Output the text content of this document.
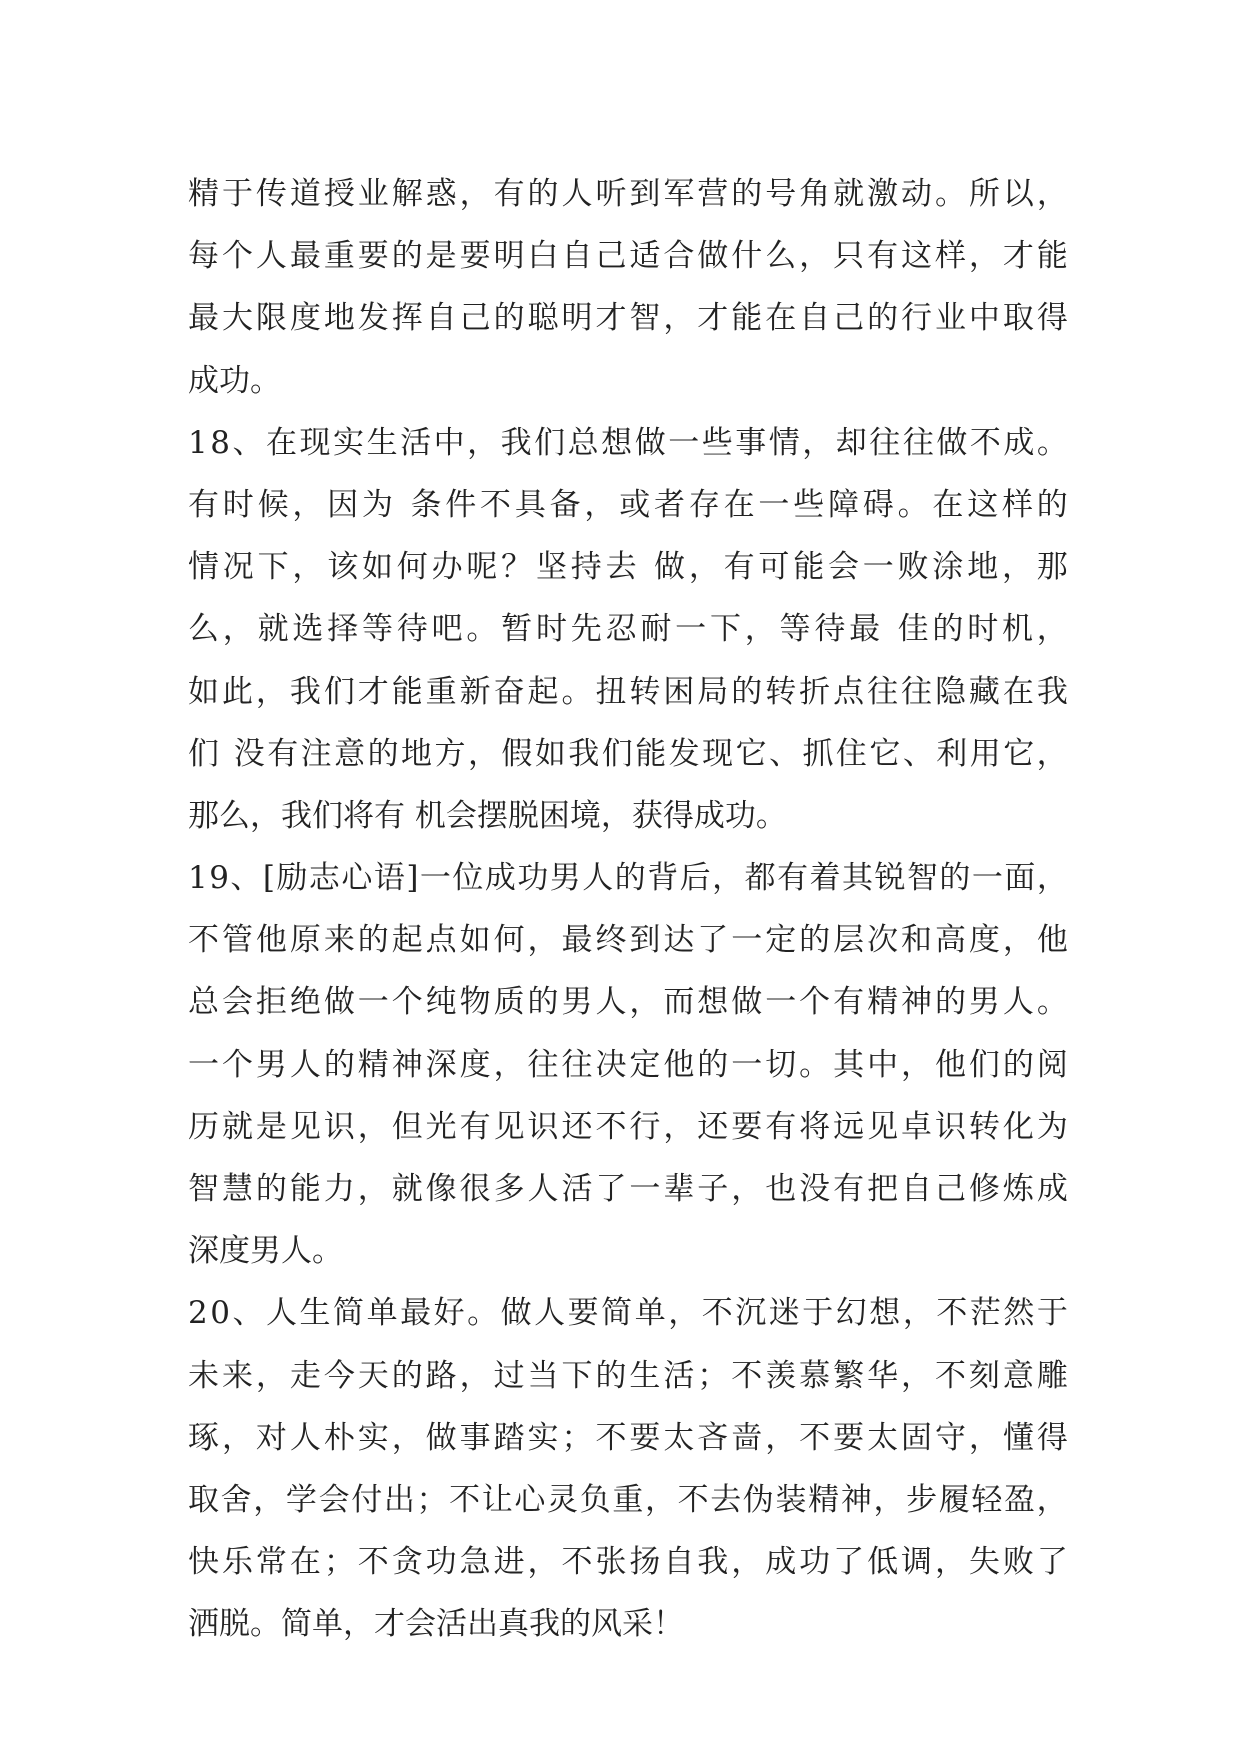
精 于 传 道 授 业 解 惑 ， 有 的 人 听 到 军 营 的 号 角 就 激 动 。 所 以 ，
每 个 人 最 重 要 的 是 要 明 白 自 己 适 合 做 什 么 ， 只 有 这 样 ， 才 能
最 大 限 度 地 发 挥 自 己 的 聪 明 才 智 ， 才 能 在 自 己 的 行 业 中 取 得
成功。
1 8 、 在 现 实 生 活 中 ， 我 们 总 想 做 一 些 事 情 ， 却 往 往 做 不 成 。
有 时 候 ， 因 为
条 件 不 具 备 ， 或 者 存 在 一 些 障 碍 。 在 这 样 的
情 况 下 ， 该 如 何 办 呢 ？ 坚 持 去
做 ， 有 可 能 会 一 败 涂 地 ， 那
么 ， 就 选 择 等 待 吧 。 暂 时 先 忍 耐 一 下 ， 等 待 最
佳 的 时 机 ，
如 此 ， 我 们 才 能 重 新 奋 起 。 扭 转 困 局 的 转 折 点 往 往 隐 藏 在 我
们
没 有 注 意 的 地 方 ， 假 如 我 们 能 发 现 它 、 抓 住 它 、 利 用 它 ，
那么，我们将有 机会摆脱困境，获得成功。
1 9 、 [ 励 志 心 语 ] 一 位 成 功 男 人 的 背 后 ， 都 有 着 其 锐 智 的 一 面 ，
不 管 他 原 来 的 起 点 如 何 ， 最 终 到 达 了 一 定 的 层 次 和 高 度 ， 他
总 会 拒 绝 做 一 个 纯 物 质 的 男 人 ， 而 想 做 一 个 有 精 神 的 男 人 。
一 个 男 人 的 精 神 深 度 ， 往 往 决 定 他 的 一 切 。 其 中 ， 他 们 的 阅
历 就 是 见 识 ， 但 光 有 见 识 还 不 行 ， 还 要 有 将 远 见 卓 识 转 化 为
智 慧 的 能 力 ， 就 像 很 多 人 活 了 一 辈 子 ， 也 没 有 把 自 己 修 炼 成
深度男人。
2 0 、 人 生 简 单 最 好 。 做 人 要 简 单 ， 不 沉 迷 于 幻 想 ， 不 茫 然 于
未 来 ， 走 今 天 的 路 ， 过 当 下 的 生 活 ； 不 羡 慕 繁 华 ， 不 刻 意 雕
琢 ， 对 人 朴 实 ， 做 事 踏 实 ； 不 要 太 吝 啬 ， 不 要 太 固 守 ， 懂 得
取 舍 ， 学 会 付 出 ； 不 让 心 灵 负 重 ， 不 去 伪 装 精 神 ， 步 履 轻 盈 ，
快 乐 常 在 ； 不 贪 功 急 进 ， 不 张 扬 自 我 ， 成 功 了 低 调 ， 失 败 了
洒脱。简单，才会活出真我的风采！
